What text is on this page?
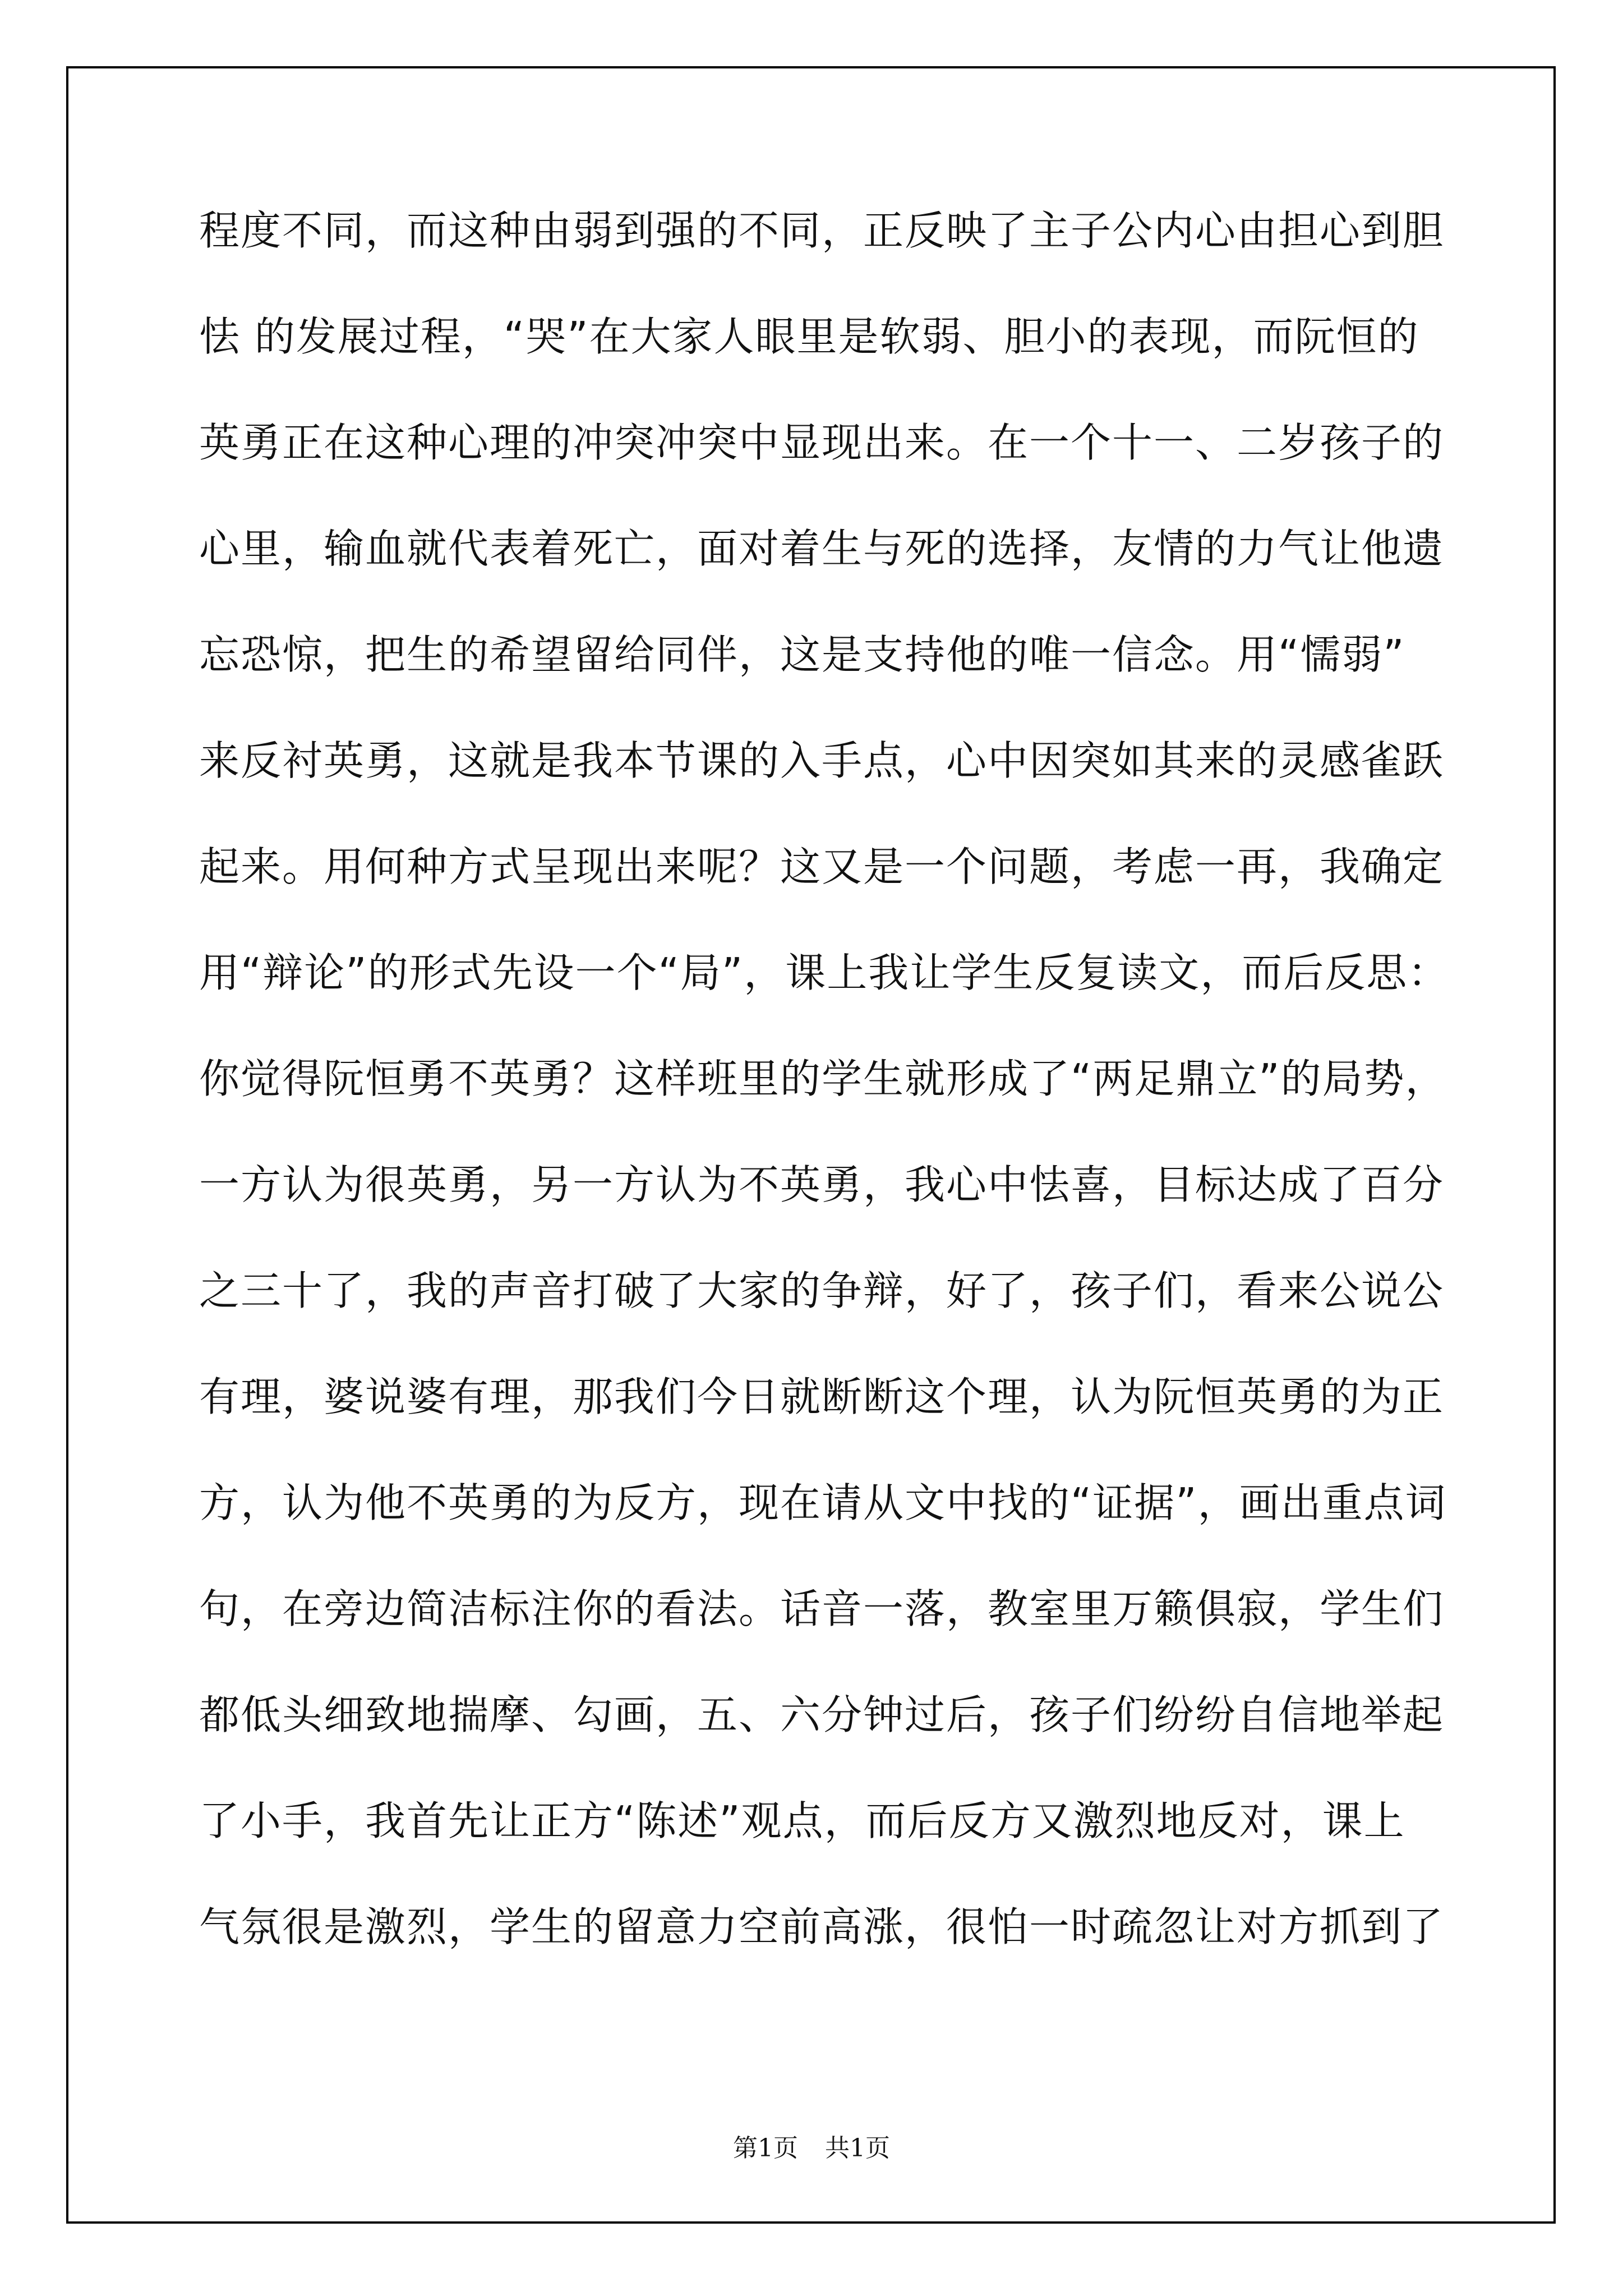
程度不同，而这种由弱到强的不同，正反映了主子公内心由担心到胆
怯 的发展过程，“哭”在大家人眼里是软弱、胆小的表现，而阮恒的
英勇正在这种心理的冲突冲突中显现出来。在一个十一、二岁孩子的
心里，输血就代表着死亡，面对着生与死的选择，友情的力气让他遗
忘恐惊，把生的希望留给同伴，这是支持他的唯一信念。用“懦弱”
来反衬英勇，这就是我本节课的入手点，心中因突如其来的灵感雀跃
起来。用何种方式呈现出来呢？这又是一个问题，考虑一再，我确定
用“辩论”的形式先设一个“局”，课上我让学生反复读文，而后反思：
你觉得阮恒勇不英勇？这样班里的学生就形成了“两足鼎立”的局势，
一方认为很英勇，另一方认为不英勇，我心中怯喜，目标达成了百分
之三十了，我的声音打破了大家的争辩，好了，孩子们，看来公说公
有理，婆说婆有理，那我们今日就断断这个理，认为阮恒英勇的为正
方，认为他不英勇的为反方，现在请从文中找的“证据”，画出重点词
句，在旁边简洁标注你的看法。话音一落，教室里万籁俱寂，学生们
都低头细致地揣摩、勾画，五、六分钟过后，孩子们纷纷自信地举起
了小手，我首先让正方“陈述”观点，而后反方又激烈地反对，课上
气氛很是激烈，学生的留意力空前高涨，很怕一时疏忽让对方抓到了
第1页 共1页
